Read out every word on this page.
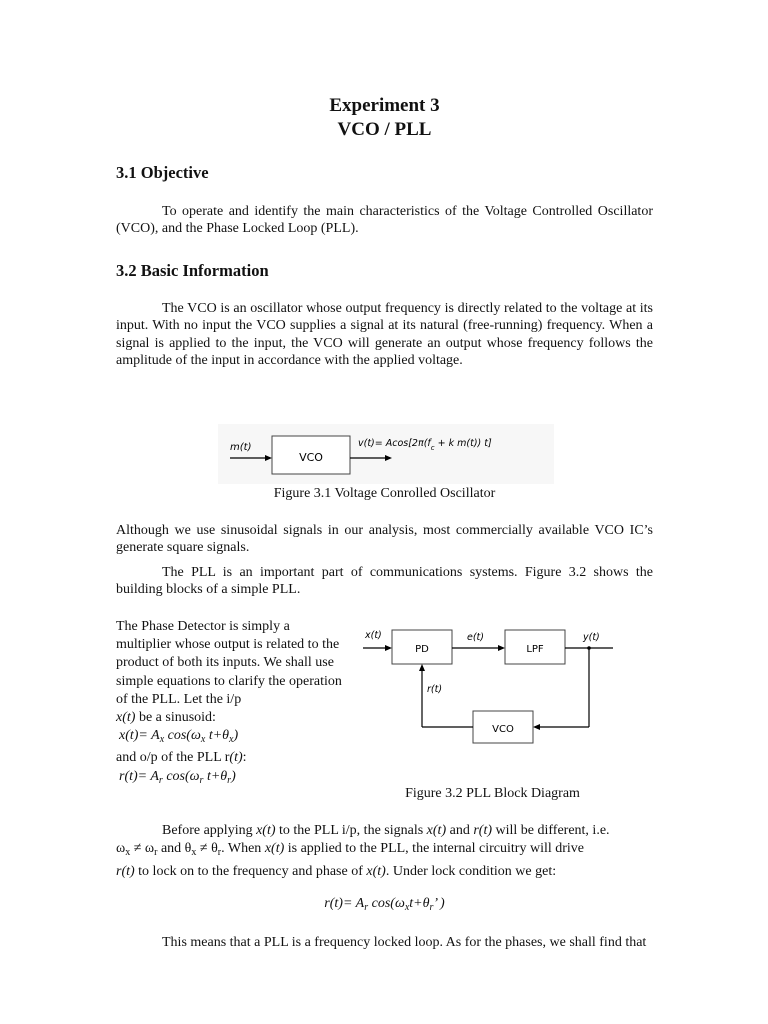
Experiment 3
VCO / PLL
3.1 Objective

To operate and identify the main characteristics of the Voltage Controlled Oscillator (VCO), and the Phase Locked Loop (PLL).

3.2 Basic Information

The VCO is an oscillator whose output frequency is directly related to the voltage at its input. With no input the VCO supplies a signal at its natural (free-running) frequency. When a signal is applied to the input, the VCO will generate an output whose frequency follows the amplitude of the input in accordance with the applied voltage.

m(t)
VCO
$v(t)= Acos[2\pi(f_c + k$ m(t)) t]
Figure 3.1 Voltage Conrolled Oscillator

Although we use sinusoidal signals in our analysis, most commercially available VCO IC’s generate square signals.

The PLL is an important part of communications systems. Figure 3.2 shows the building blocks of a simple PLL.

The Phase Detector is simply a multiplier whose output is related to the product of both its inputs. We shall use simple equations to clarify the operation of the PLL. Let the i/p
x(t) be a sinusoid:
$x(t)= A_x$ $\cos(\omega_x$ $t+\theta_x$)
and o/p of the PLL r(t):
$r(t)= A_r$ $\cos(\omega_r$ $t+\theta_r$)
x(t)
PD
e(t)
LPF
y(t)
VCO
r(t)
Figure 3.2 PLL Block Diagram
Before applying x(t) to the PLL i/p, the signals x(t) and r(t) will be different, i.e.
$\omega_x \ne \omega_r$ and $\theta_x \ne \theta_r$. When x(t) is applied to the PLL, the internal circuitry will drive
r(t) to lock on to the frequency and phase of x(t). Under lock condition we get:
$r(t)= A_r$ $\cos(\omega_xt+\theta_r$’ )

This means that a PLL is a frequency locked loop. As for the phases, we shall find that
